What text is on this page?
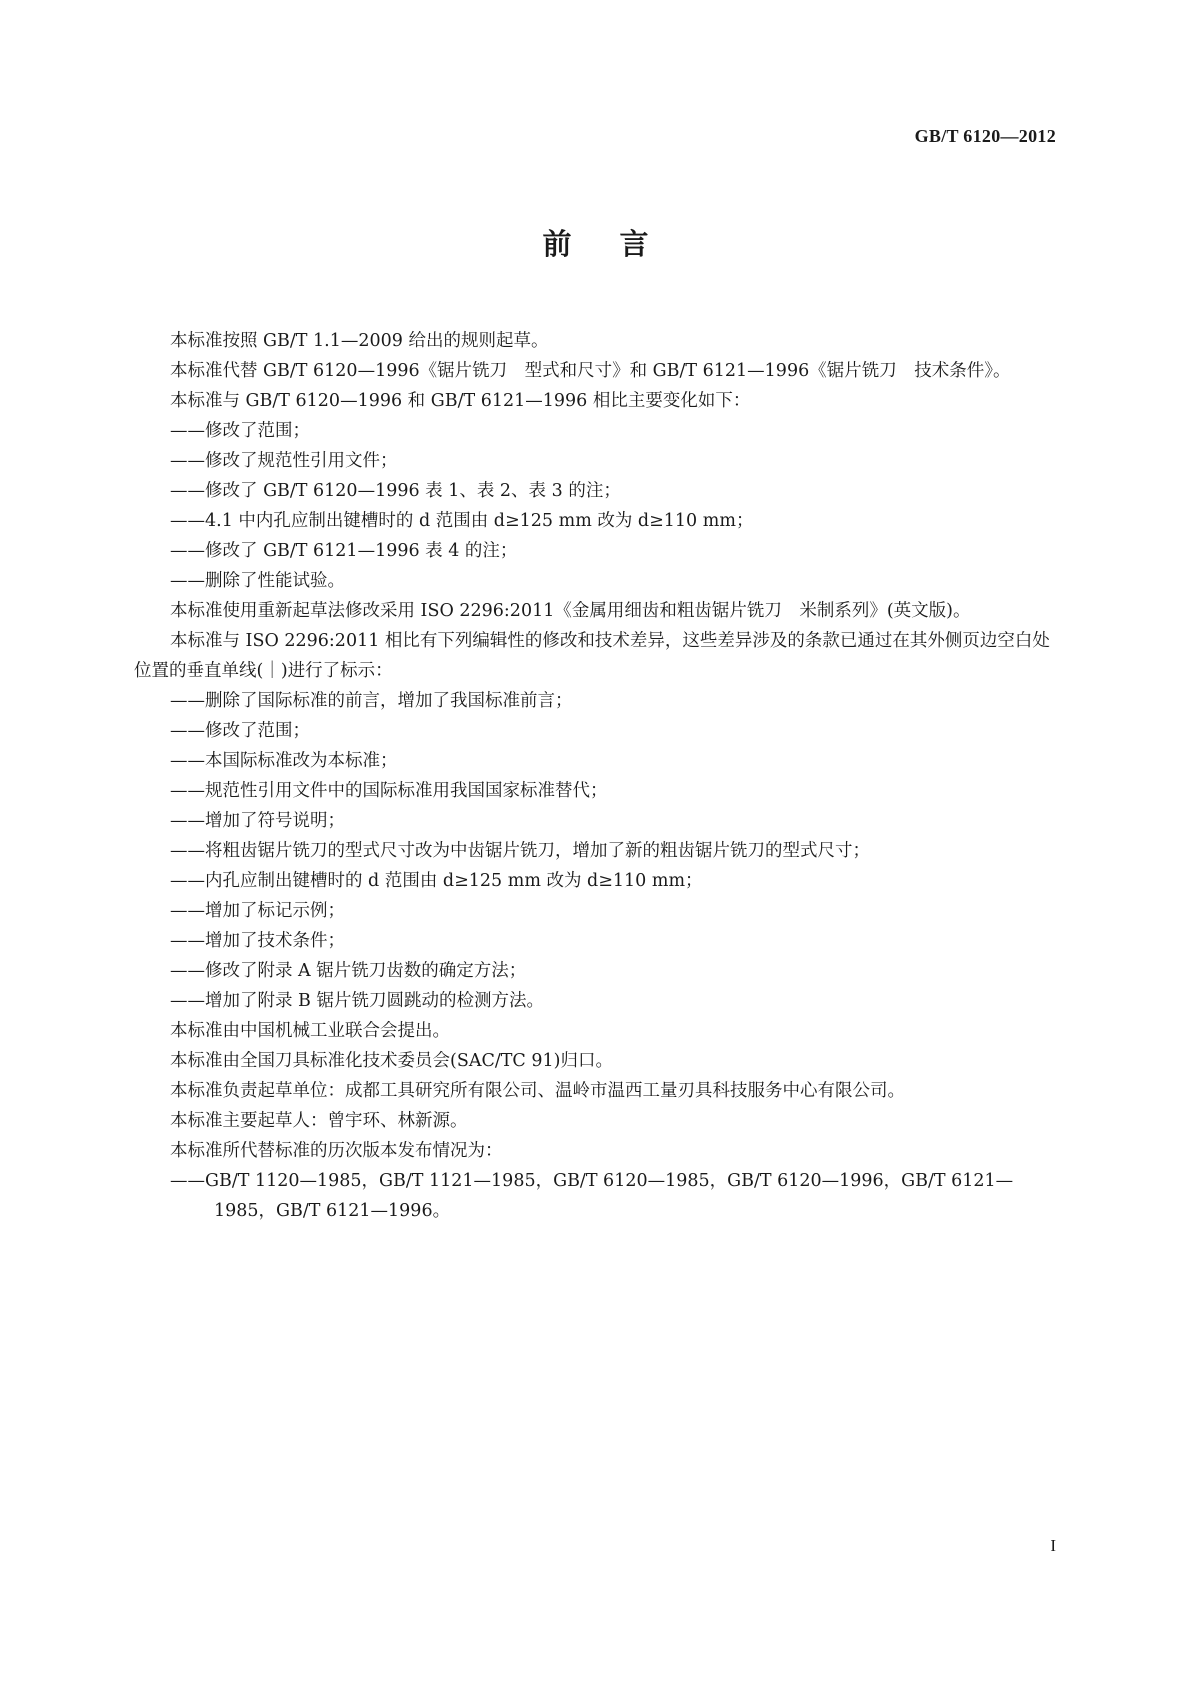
GB/T 6120—2012
前言

本标准按照 GB/T 1.1—2009 给出的规则起草。

本标准代替 GB/T 6120—1996《锯片铣刀　型式和尺寸》和 GB/T 6121—1996《锯片铣刀　技术条件》。

本标准与 GB/T 6120—1996 和 GB/T 6121—1996 相比主要变化如下：

——修改了范围；

——修改了规范性引用文件；

——修改了 GB/T 6120—1996 表 1、表 2、表 3 的注；

——4.1 中内孔应制出键槽时的 d 范围由 d≥125 mm 改为 d≥110 mm；

——修改了 GB/T 6121—1996 表 4 的注；

——删除了性能试验。

本标准使用重新起草法修改采用 ISO 2296:2011《金属用细齿和粗齿锯片铣刀　米制系列》(英文版)。

本标准与 ISO 2296:2011 相比有下列编辑性的修改和技术差异，这些差异涉及的条款已通过在其外侧页边空白处位置的垂直单线(｜)进行了标示：

——删除了国际标准的前言，增加了我国标准前言；

——修改了范围；

——本国际标准改为本标准；

——规范性引用文件中的国际标准用我国国家标准替代；

——增加了符号说明；

——将粗齿锯片铣刀的型式尺寸改为中齿锯片铣刀，增加了新的粗齿锯片铣刀的型式尺寸；

——内孔应制出键槽时的 d 范围由 d≥125 mm 改为 d≥110 mm；

——增加了标记示例；

——增加了技术条件；

——修改了附录 A 锯片铣刀齿数的确定方法；

——增加了附录 B 锯片铣刀圆跳动的检测方法。

本标准由中国机械工业联合会提出。

本标准由全国刀具标准化技术委员会(SAC/TC 91)归口。

本标准负责起草单位：成都工具研究所有限公司、温岭市温西工量刃具科技服务中心有限公司。

本标准主要起草人：曾宇环、林新源。

本标准所代替标准的历次版本发布情况为：

——GB/T 1120—1985，GB/T 1121—1985，GB/T 6120—1985，GB/T 6120—1996，GB/T 6121—1985，GB/T 6121—1996。

I
